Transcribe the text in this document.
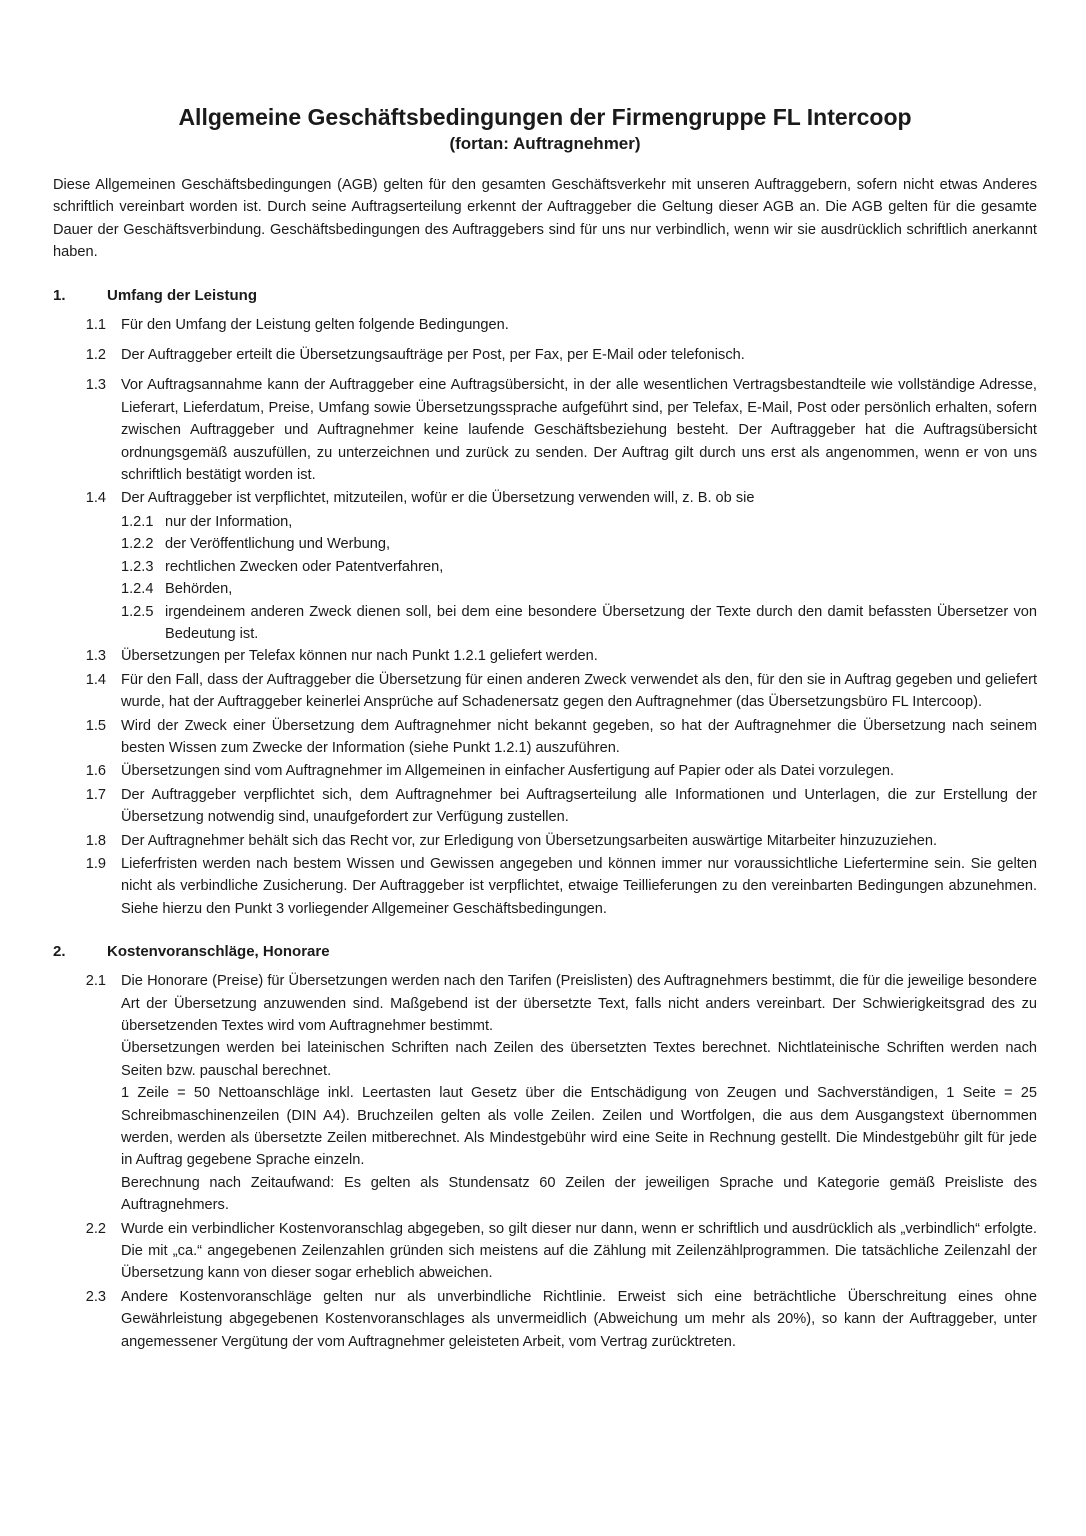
Allgemeine Geschäftsbedingungen der Firmengruppe FL Intercoop

(fortan: Auftragnehmer)

Diese Allgemeinen Geschäftsbedingungen (AGB) gelten für den gesamten Geschäftsverkehr mit unseren Auftraggebern, sofern nicht etwas Anderes schriftlich vereinbart worden ist. Durch seine Auftragserteilung erkennt der Auftraggeber die Geltung dieser AGB an. Die AGB gelten für die gesamte Dauer der Geschäftsverbindung. Geschäftsbedingungen des Auftraggebers sind für uns nur verbindlich, wenn wir sie ausdrücklich schriftlich anerkannt haben.

1.	Umfang der Leistung
1.1	Für den Umfang der Leistung gelten folgende Bedingungen.
1.2	Der Auftraggeber erteilt die Übersetzungsaufträge per Post, per Fax, per E-Mail oder telefonisch.
1.3	Vor Auftragsannahme kann der Auftraggeber eine Auftragsübersicht, in der alle wesentlichen Vertragsbestandteile wie vollständige Adresse, Lieferart, Lieferdatum, Preise, Umfang sowie Übersetzungssprache aufgeführt sind, per Telefax, E-Mail, Post oder persönlich erhalten, sofern zwischen Auftraggeber und Auftragnehmer keine laufende Geschäftsbeziehung besteht. Der Auftraggeber hat die Auftragsübersicht ordnungsgemäß auszufüllen, zu unterzeichnen und zurück zu senden. Der Auftrag gilt durch uns erst als angenommen, wenn er von uns schriftlich bestätigt worden ist.
1.4	Der Auftraggeber ist verpflichtet, mitzuteilen, wofür er die Übersetzung verwenden will, z. B. ob sie
1.2.1 nur der Information,
1.2.2 der Veröffentlichung und Werbung,
1.2.3 rechtlichen Zwecken oder Patentverfahren,
1.2.4 Behörden,
1.2.5 irgendeinem anderen Zweck dienen soll, bei dem eine besondere Übersetzung der Texte durch den damit befassten Übersetzer von Bedeutung ist.
1.3	Übersetzungen per Telefax können nur nach Punkt 1.2.1 geliefert werden.
1.4	Für den Fall, dass der Auftraggeber die Übersetzung für einen anderen Zweck verwendet als den, für den sie in Auftrag gegeben und geliefert wurde, hat der Auftraggeber keinerlei Ansprüche auf Schadenersatz gegen den Auftragnehmer (das Übersetzungsbüro FL Intercoop).
1.5	Wird der Zweck einer Übersetzung dem Auftragnehmer nicht bekannt gegeben, so hat der Auftragnehmer die Übersetzung nach seinem besten Wissen zum Zwecke der Information (siehe Punkt 1.2.1) auszuführen.
1.6	Übersetzungen sind vom Auftragnehmer im Allgemeinen in einfacher Ausfertigung auf Papier oder als Datei vorzulegen.
1.7	Der Auftraggeber verpflichtet sich, dem Auftragnehmer bei Auftragserteilung alle Informationen und Unterlagen, die zur Erstellung der Übersetzung notwendig sind, unaufgefordert zur Verfügung zustellen.
1.8	Der Auftragnehmer behält sich das Recht vor, zur Erledigung von Übersetzungsarbeiten auswärtige Mitarbeiter hinzuzuziehen.
1.9	Lieferfristen werden nach bestem Wissen und Gewissen angegeben und können immer nur voraussichtliche Liefertermine sein. Sie gelten nicht als verbindliche Zusicherung. Der Auftraggeber ist verpflichtet, etwaige Teillieferungen zu den vereinbarten Bedingungen abzunehmen. Siehe hierzu den Punkt 3 vorliegender Allgemeiner Geschäftsbedingungen.
2.	Kostenvoranschläge, Honorare
2.1 Die Honorare (Preise) für Übersetzungen werden nach den Tarifen (Preislisten) des Auftragnehmers bestimmt, die für die jeweilige besondere Art der Übersetzung anzuwenden sind. Maßgebend ist der übersetzte Text, falls nicht anders vereinbart. Der Schwierigkeitsgrad des zu übersetzenden Textes wird vom Auftragnehmer bestimmt.
Übersetzungen werden bei lateinischen Schriften nach Zeilen des übersetzten Textes berechnet. Nichtlateinische Schriften werden nach Seiten bzw. pauschal berechnet.
1 Zeile = 50 Nettoanschläge inkl. Leertasten laut Gesetz über die Entschädigung von Zeugen und Sachverständigen, 1 Seite = 25 Schreibmaschinenzeilen (DIN A4). Bruchzeilen gelten als volle Zeilen. Zeilen und Wortfolgen, die aus dem Ausgangstext übernommen werden, werden als übersetzte Zeilen mitberechnet. Als Mindestgebühr wird eine Seite in Rechnung gestellt. Die Mindestgebühr gilt für jede in Auftrag gegebene Sprache einzeln.
Berechnung nach Zeitaufwand: Es gelten als Stundensatz 60 Zeilen der jeweiligen Sprache und Kategorie gemäß Preisliste des Auftragnehmers.
2.2	Wurde ein verbindlicher Kostenvoranschlag abgegeben, so gilt dieser nur dann, wenn er schriftlich und ausdrücklich als „verbindlich“ erfolgte. Die mit „ca.“ angegebenen Zeilenzahlen gründen sich meistens auf die Zählung mit Zeilenzählprogrammen. Die tatsächliche Zeilenzahl der Übersetzung kann von dieser sogar erheblich abweichen.
2.3	Andere Kostenvoranschläge gelten nur als unverbindliche Richtlinie. Erweist sich eine beträchtliche Überschreitung eines ohne Gewährleistung abgegebenen Kostenvoranschlages als unvermeidlich (Abweichung um mehr als 20%), so kann der Auftraggeber, unter angemessener Vergütung der vom Auftragnehmer geleisteten Arbeit, vom Vertrag zurücktreten.
